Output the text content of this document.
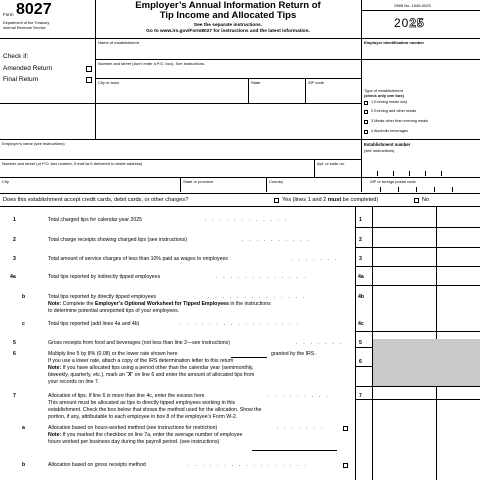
Form 8027
Department of the Treasury
Internal Revenue Service
Employer’s Annual Information Return of
Tip Income and Allocated Tips
See the separate instructions.
Go to www.irs.gov/Form8027 for instructions and the latest information.
OMB No. 1545-0029
2025
Check if:
Amended Return
Final Return
Name of establishment	Employer identification number
Number and street (don’t enter a P.O. box). See instructions.
City or town	State	ZIP code
Type of establishment
(check only one box)
1 Evening meals only
2 Evening and other meals
3 Meals other than evening meals
4 Alcoholic beverages
Employer’s name (see instructions)	Establishment number
(see instructions)
Number and street (or P.O. box number, if mail isn’t delivered to street address)	Apt. or suite no.
City	State or province	Country	ZIP or foreign postal code
Does this establishment accept credit cards, debit cards, or other charges?	Yes (lines 1 and 2 must be completed)	No
1	Total charged tips for calendar year 2025	. . . . . . . . . . . .	1
2	Total charge receipts showing charged tips (see instructions)	. . . . . . . . . .	2
3	Total amount of service charges of less than 10% paid as wages to employees	. . . . . . .	3
4a	Total tips reported by indirectly tipped employees	. . . . . . . . . . . . .	4a
b	Total tips reported by directly tipped employees	. . . . . . . . . . . . . .	4b
Note: Complete the Employer’s Optional Worksheet for Tipped Employees in the instructions
to determine potential unreported tips of your employees.
c	Total tips reported (add lines 4a and 4b)	. . . . . . . . . . . . . . . . .	4c
5	Gross receipts from food and beverages (not less than line 2—see instructions)	. . . . . . .	5
6	Multiply line 5 by 8% (0.08) or the lower rate shown here	granted by the IRS.
6
If you use a lower rate, attach a copy of the IRS determination letter to this return
Note: If you have allocated tips using a period other than the calendar year (semimonthly,
biweekly, quarterly, etc.), mark an “X” on line 6 and enter the amount of allocated tips from
your records on line 7.
7	Allocation of tips. If line 6 is more than line 4c, enter the excess here	. . . . . . . . .	7
This amount must be allocated as tips to directly tipped employees working in this
establishment. Check the box below that shows the method used for the allocation. Show the
portion, if any, attributable to each employee in box 8 of the employee’s Form W-2.
a	Allocation based on hours-worked method (see instructions for restriction)	. . . . . . .
Note: If you marked the checkbox on line 7a, enter the average number of employee
hours worked per business day during the payroll period. (see instructions)
b	Allocation based on gross receipts method	. . . . . . . . . . . . . . . . .
